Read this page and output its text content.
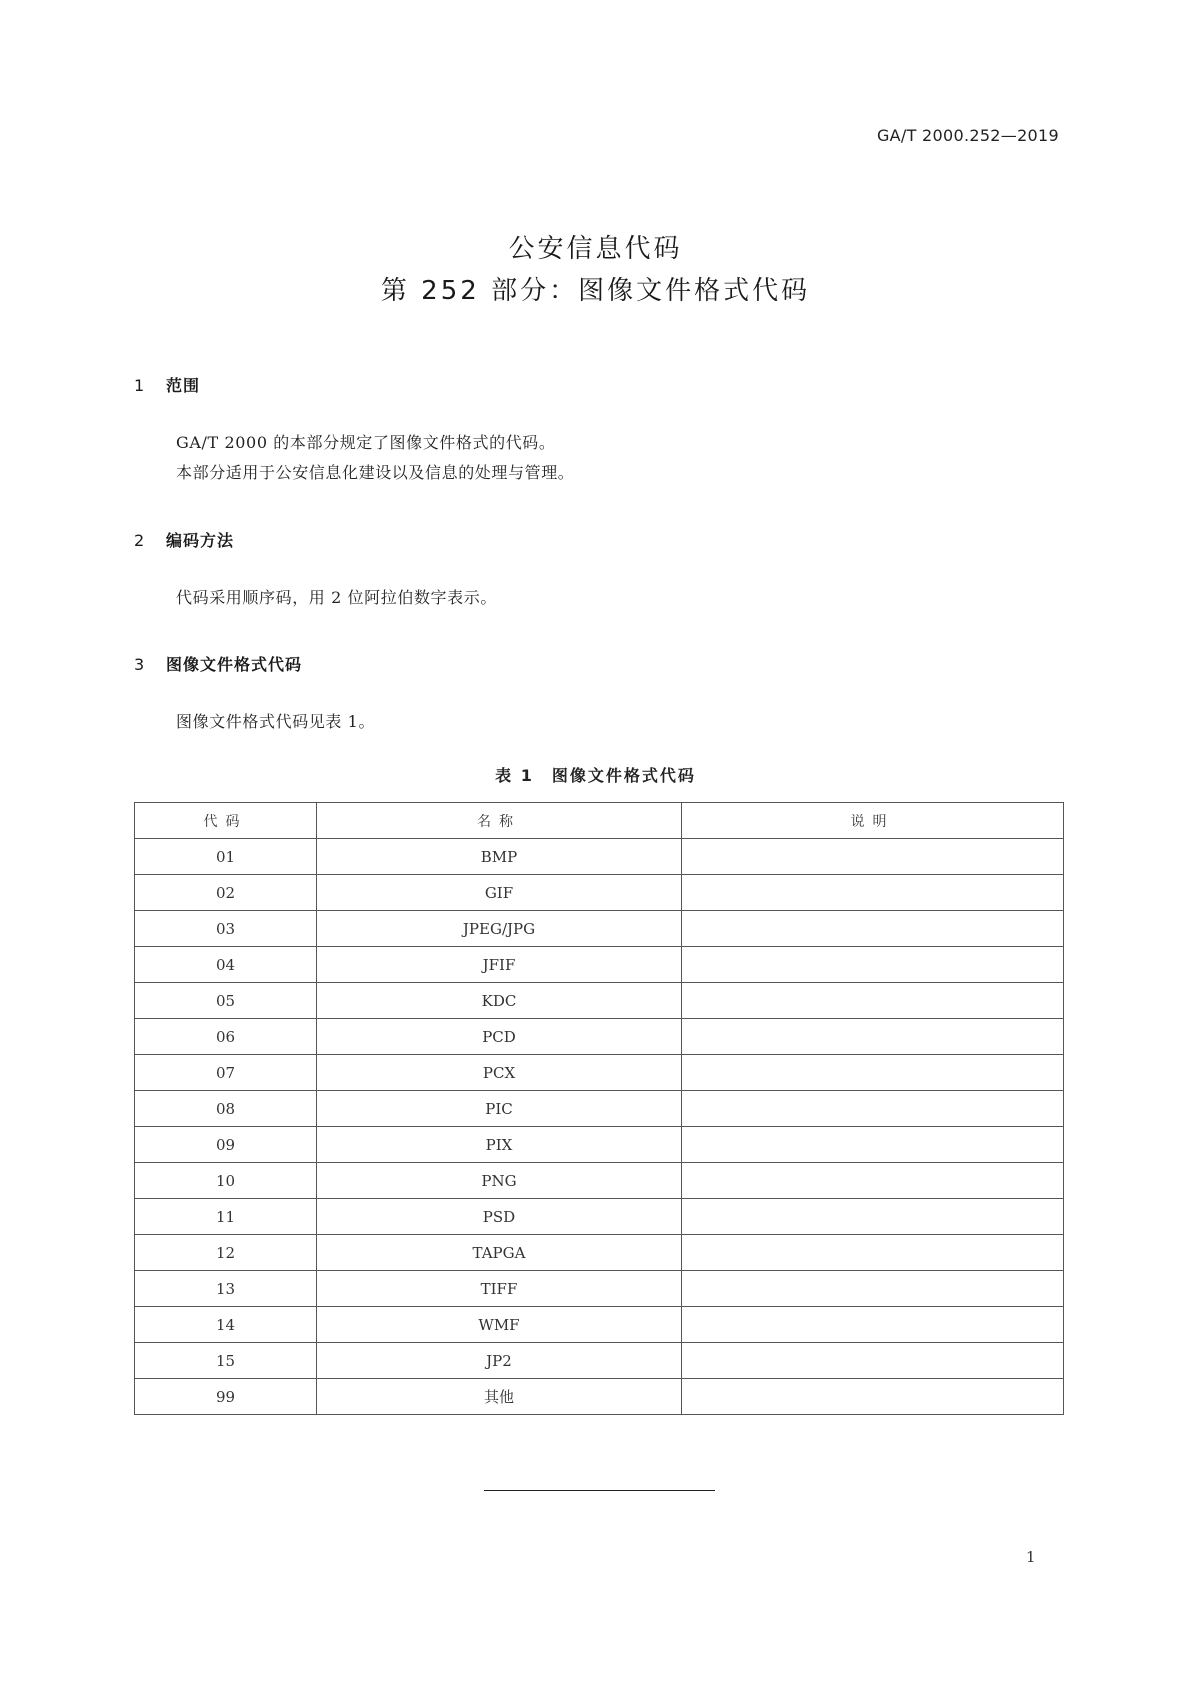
GA/T 2000.252—2019
公安信息代码
第 252 部分：图像文件格式代码
1 范围
GA/T 2000 的本部分规定了图像文件格式的代码。
本部分适用于公安信息化建设以及信息的处理与管理。
2 编码方法
代码采用顺序码，用 2 位阿拉伯数字表示。
3 图像文件格式代码
图像文件格式代码见表 1。
表 1　图像文件格式代码
代码	名称	说明
01	BMP	
02	GIF	
03	JPEG/JPG	
04	JFIF	
05	KDC	
06	PCD	
07	PCX	
08	PIC	
09	PIX	
10	PNG	
11	PSD	
12	TAPGA	
13	TIFF	
14	WMF	
15	JP2	
99	其他	
1
